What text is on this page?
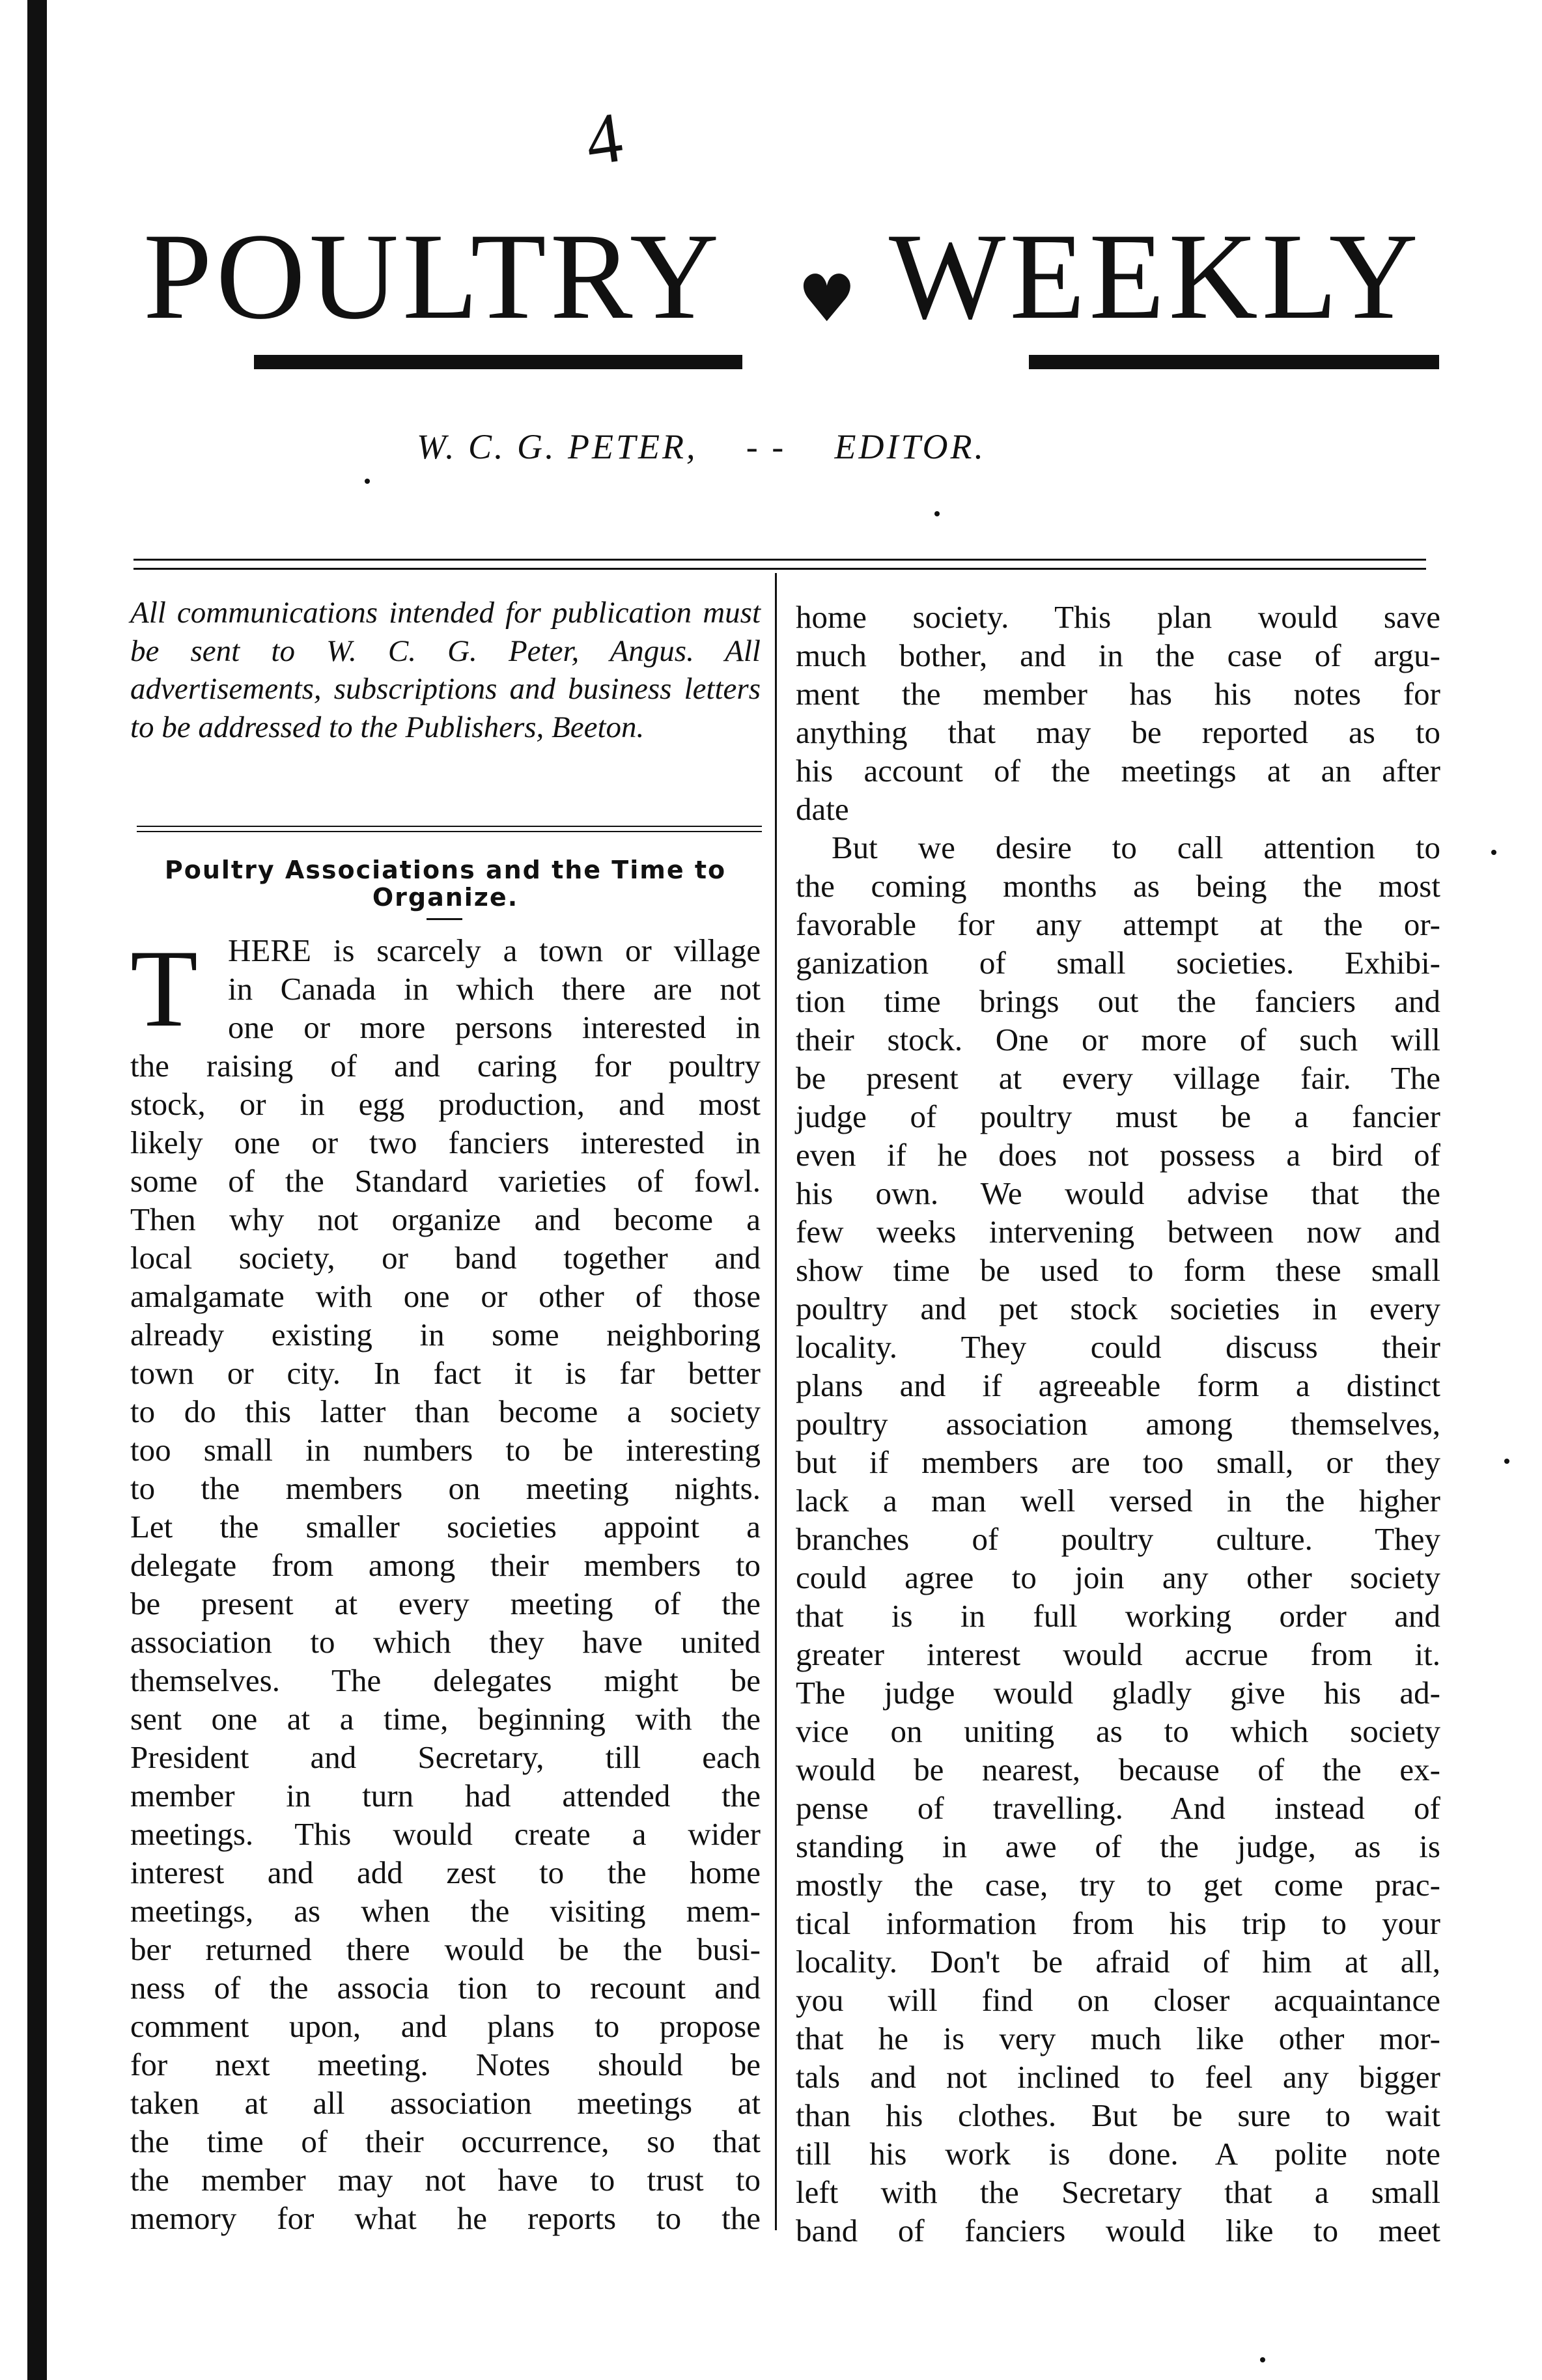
4
POULTRY ♥ WEEKLY
W. C. G. PETER, - - EDITOR.
All communications intended for publication must be sent to W. C. G. Peter, Angus. All advertisements, subscriptions and business letters to be addressed to the Publishers, Beeton.
Poultry Associations and the Time to Organize.
T HERE is scarcely a town or village
in Canada in which there are not
one or more persons interested in
the raising of and caring for poultry
stock, or in egg production, and most
likely one or two fanciers interested in
some of the Standard varieties of fowl.
Then why not organize and become a
local society, or band together and
amalgamate with one or other of those
already existing in some neighboring
town or city. In fact it is far better
to do this latter than become a society
too small in numbers to be interesting
to the members on meeting nights.
Let the smaller societies appoint a
delegate from among their members to
be present at every meeting of the
association to which they have united
themselves. The delegates might be
sent one at a time, beginning with the
President and Secretary, till each
member in turn had attended the
meetings. This would create a wider
interest and add zest to the home
meetings, as when the visiting mem-
ber returned there would be the busi-
ness of the associa tion to recount and
comment upon, and plans to propose
for next meeting. Notes should be
taken at all association meetings at
the time of their occurrence, so that
the member may not have to trust to
memory for what he reports to the
home society. This plan would save
much bother, and in the case of argu-
ment the member has his notes for
anything that may be reported as to
his account of the meetings at an after
date
But we desire to call attention to
the coming months as being the most
favorable for any attempt at the or-
ganization of small societies. Exhibi-
tion time brings out the fanciers and
their stock. One or more of such will
be present at every village fair. The
judge of poultry must be a fancier
even if he does not possess a bird of
his own. We would advise that the
few weeks intervening between now and
show time be used to form these small
poultry and pet stock societies in every
locality. They could discuss their
plans and if agreeable form a distinct
poultry association among themselves,
but if members are too small, or they
lack a man well versed in the higher
branches of poultry culture. They
could agree to join any other society
that is in full working order and
greater interest would accrue from it.
The judge would gladly give his ad-
vice on uniting as to which society
would be nearest, because of the ex-
pense of travelling. And instead of
standing in awe of the judge, as is
mostly the case, try to get come prac-
tical information from his trip to your
locality. Don't be afraid of him at all,
you will find on closer acquaintance
that he is very much like other mor-
tals and not inclined to feel any bigger
than his clothes. But be sure to wait
till his work is done. A polite note
left with the Secretary that a small
band of fanciers would like to meet
